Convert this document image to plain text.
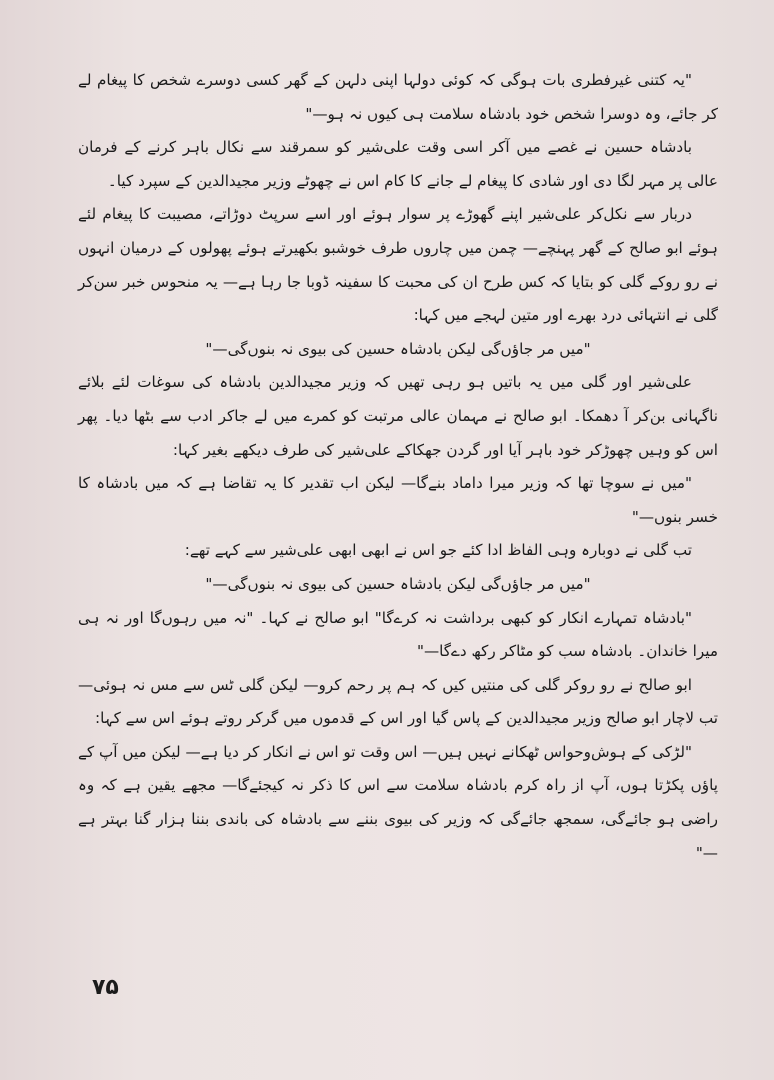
"یہ کتنی غیرفطری بات ہوگی کہ کوئی دولہا اپنی دلہن کے گھر کسی دوسرے شخص کا پیغام لے کر جائے، وہ دوسرا شخص خود بادشاہ سلامت ہی کیوں نہ ہو—"

بادشاہ حسین نے غصے میں آکر اسی وقت علی‌شیر کو سمرقند سے نکال باہر کرنے کے فرمان عالی پر مہر لگا دی اور شادی کا پیغام لے جانے کا کام اس نے چھوٹے وزیر مجیدالدین کے سپرد کیا۔

دربار سے نکل‌کر علی‌شیر اپنے گھوڑے پر سوار ہوئے اور اسے سرپٹ دوڑاتے، مصیبت کا پیغام لئے ہوئے ابو صالح کے گھر پہنچے— چمن میں چاروں طرف خوشبو بکھیرتے ہوئے پھولوں کے درمیان انہوں نے رو روکے گلی کو بتایا کہ کس طرح ان کی محبت کا سفینہ ڈوبا جا رہا ہے— یہ منحوس خبر سن‌کر گلی نے انتہائی درد بھرے اور متین لہجے میں کہا:

"میں مر جاؤں‌گی لیکن بادشاہ حسین کی بیوی نہ بنوں‌گی—"

علی‌شیر اور گلی میں یہ باتیں ہو رہی تھیں کہ وزیر مجیدالدین بادشاہ کی سوغات لئے بلائے ناگہانی بن‌کر آ دھمکا۔ ابو صالح نے مہمان عالی مرتبت کو کمرے میں لے جاکر ادب سے بٹھا دیا۔ پھر اس کو وہیں چھوڑکر خود باہر آیا اور گردن جھکاکے علی‌شیر کی طرف دیکھے بغیر کہا:

"میں نے سوچا تھا کہ وزیر میرا داماد بنےگا— لیکن اب تقدیر کا یہ تقاضا ہے کہ میں بادشاہ کا خسر بنوں—"

تب گلی نے دوبارہ وہی الفاظ ادا کئے جو اس نے ابھی ابھی علی‌شیر سے کہے تھے:

"میں مر جاؤں‌گی لیکن بادشاہ حسین کی بیوی نہ بنوں‌گی—"

"بادشاہ تمہارے انکار کو کبھی برداشت نہ کرےگا" ابو صالح نے کہا۔ "نہ میں رہوں‌گا اور نہ ہی میرا خاندان۔ بادشاہ سب کو مٹاکر رکھ دےگا—"

ابو صالح نے رو روکر گلی کی منتیں کیں کہ ہم پر رحم کرو— لیکن گلی ٹس سے مس نہ ہوئی— تب لاچار ابو صالح وزیر مجیدالدین کے پاس گیا اور اس کے قدموں میں گرکر روتے ہوئے اس سے کہا:

"لڑکی کے ہوش‌وحواس ٹھکانے نہیں ہیں— اس وقت تو اس نے انکار کر دیا ہے— لیکن میں آپ کے پاؤں پکڑتا ہوں، آپ از راہ کرم بادشاہ سلامت سے اس کا ذکر نہ کیجئےگا— مجھے یقین ہے کہ وہ راضی ہو جائےگی، سمجھ جائےگی کہ وزیر کی بیوی بننے سے بادشاہ کی باندی بننا ہزار گنا بہتر ہے—"

۷۵
